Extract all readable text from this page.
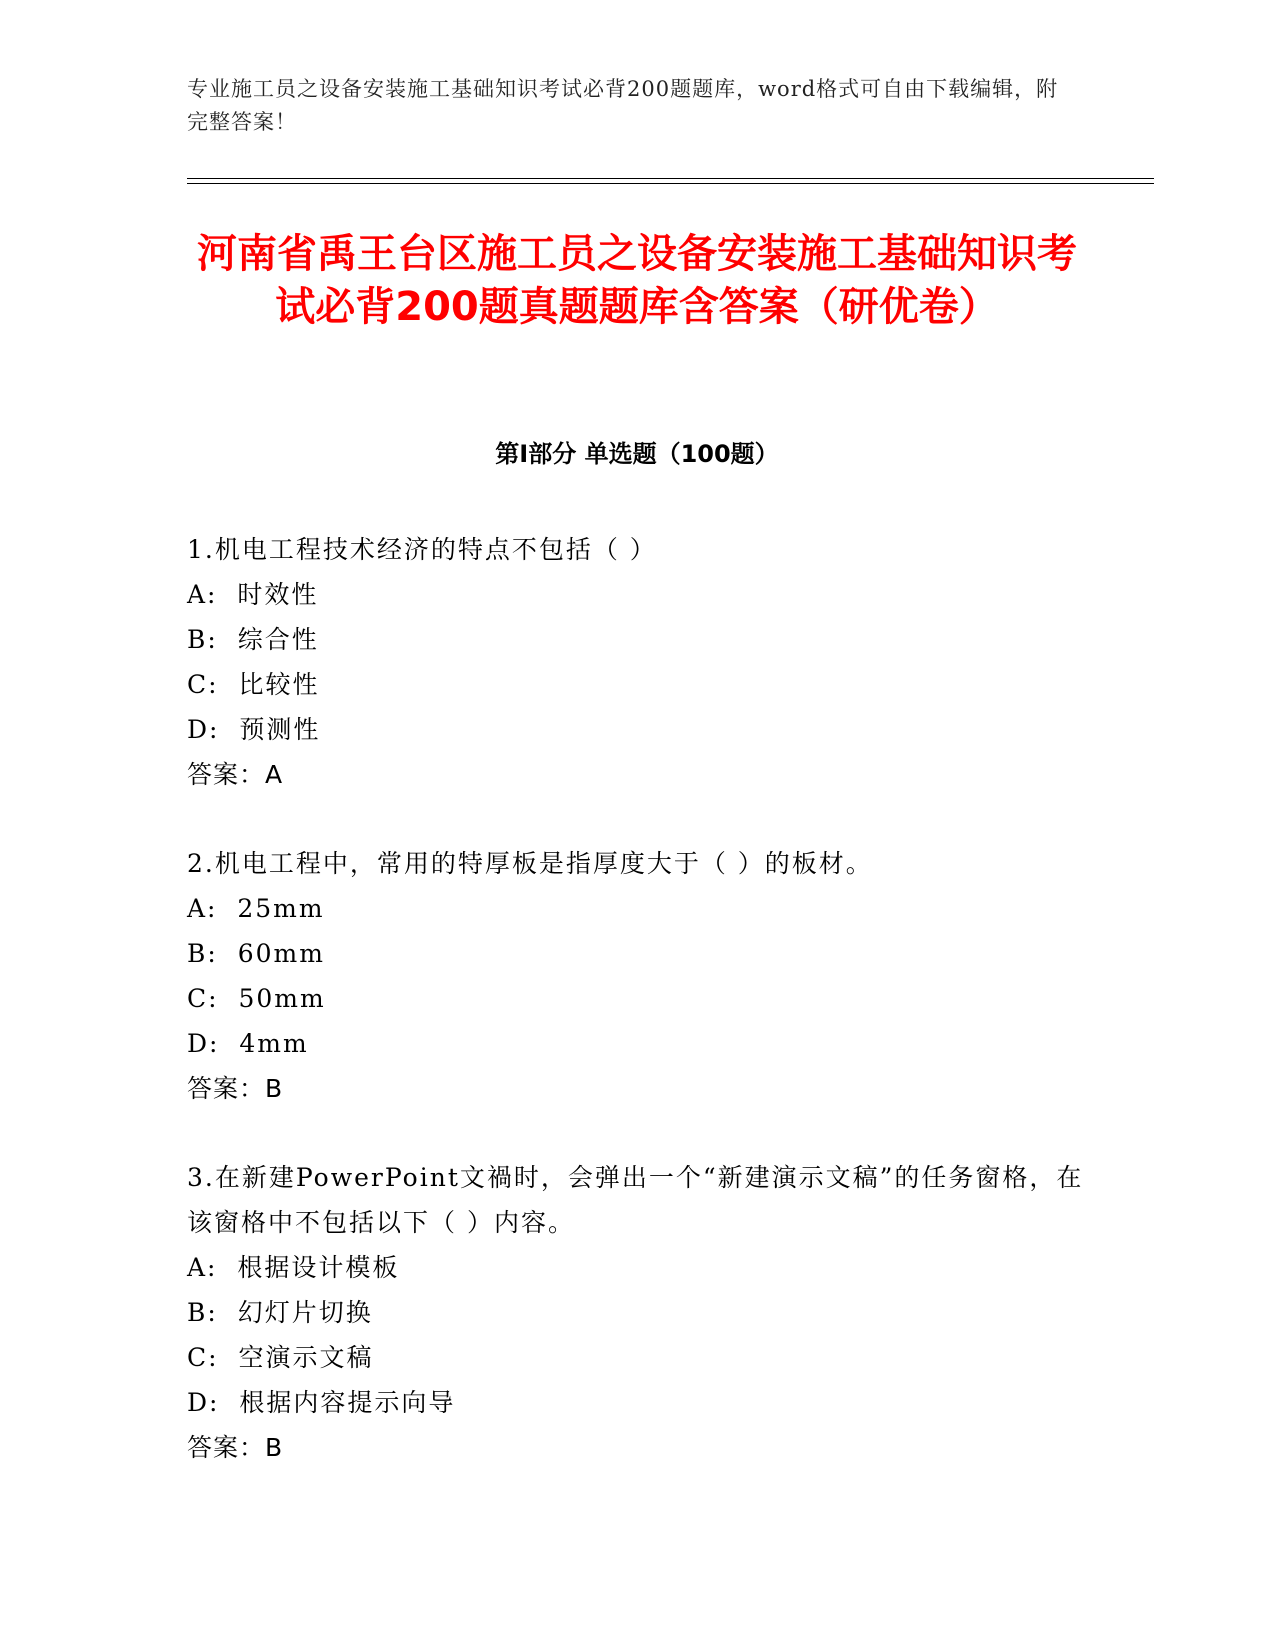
专业施工员之设备安装施工基础知识考试必背200题题库，word格式可自由下载编辑，附完整答案！
河南省禹王台区施工员之设备安装施工基础知识考试必背200题真题题库含答案（研优卷）
第I部分 单选题（100题）

1.机电工程技术经济的特点不包括（ ）

A:  时效性
B:  综合性
C:  比较性
D:  预测性

答案：A

2.机电工程中，常用的特厚板是指厚度大于（ ）的板材。

A:  25mm
B:  60mm
C:  50mm
D:  4mm

答案：B

3.在新建PowerPoint文禍时，会弹出一个“新建演示文稿”的任务窗格，在该窗格中不包括以下（ ）内容。

A:  根据设计模板
B:  幻灯片切换
C:  空演示文稿
D:  根据内容提示向导

答案：B
